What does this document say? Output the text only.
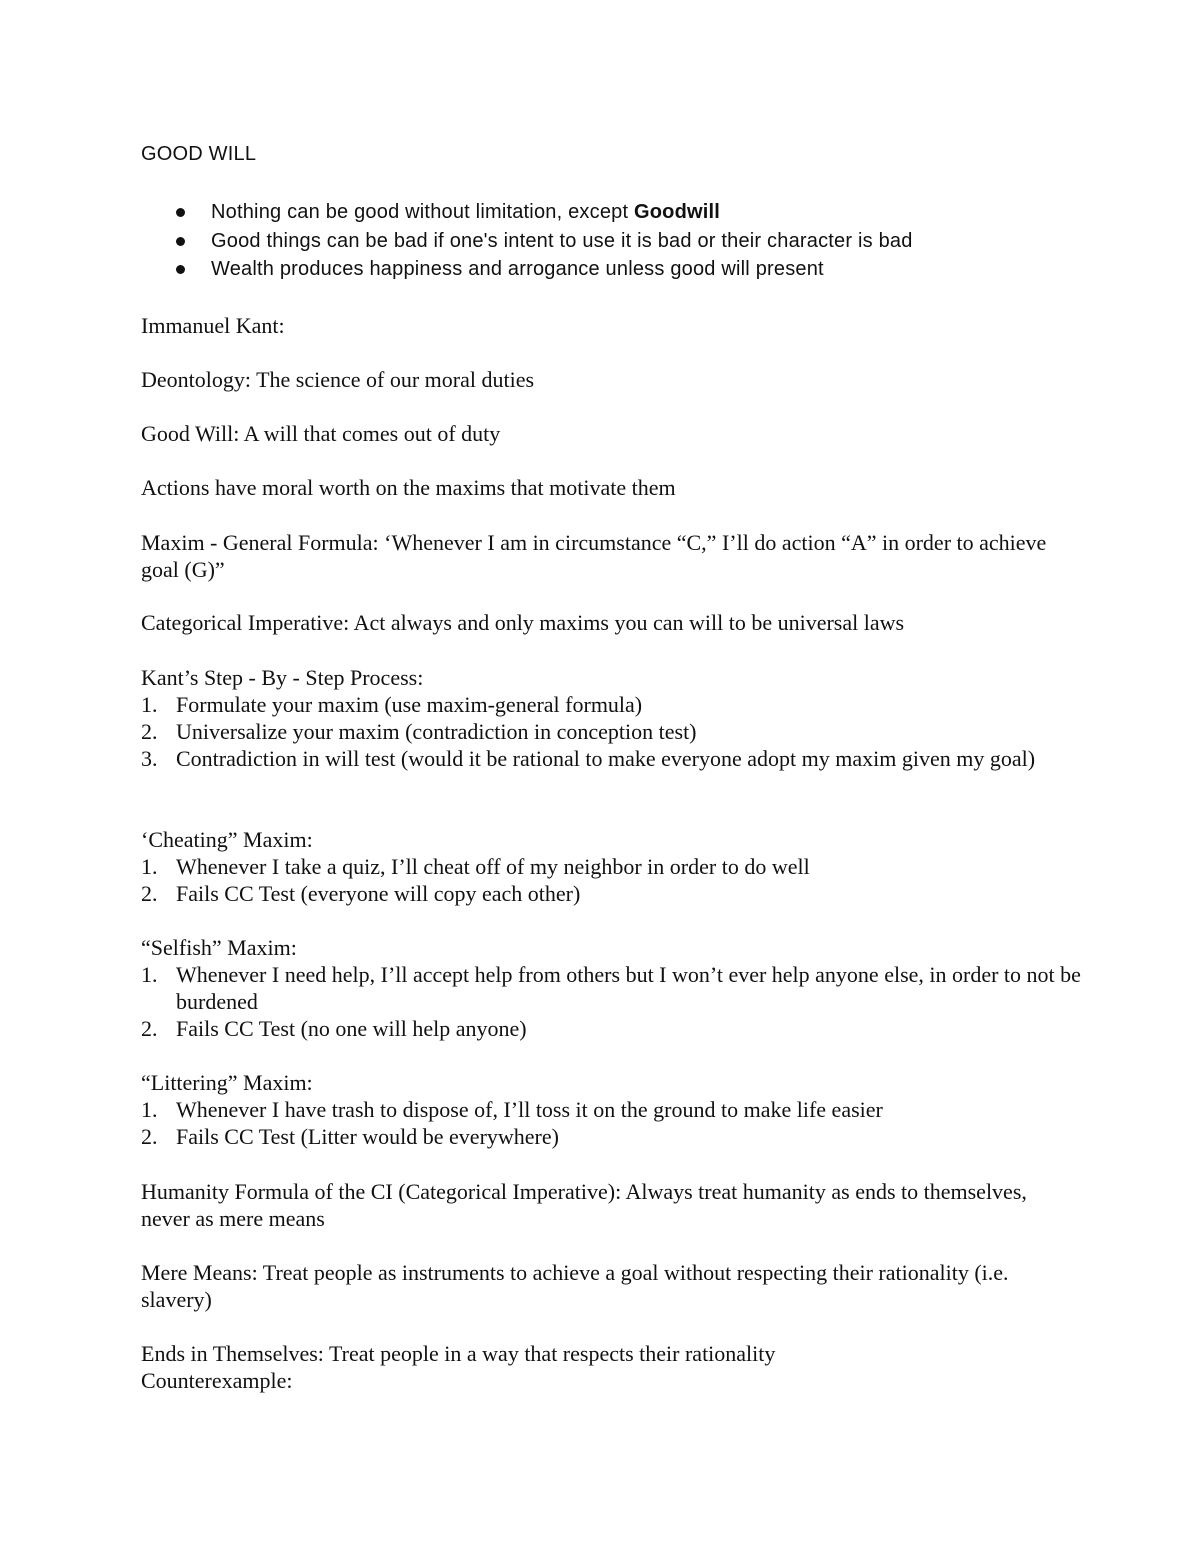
GOOD WILL
Nothing can be good without limitation, except Goodwill
Good things can be bad if one's intent to use it is bad or their character is bad
Wealth produces happiness and arrogance unless good will present
Immanuel Kant:
Deontology: The science of our moral duties
Good Will: A will that comes out of duty
Actions have moral worth on the maxims that motivate them
Maxim - General Formula: ‘Whenever I am in circumstance “C,” I’ll do action “A” in order to achieve goal (G)”
Categorical Imperative: Act always and only maxims you can will to be universal laws
Kant’s Step - By - Step Process:
1. Formulate your maxim (use maxim-general formula)
2. Universalize your maxim (contradiction in conception test)
3. Contradiction in will test (would it be rational to make everyone adopt my maxim given my goal)
‘Cheating” Maxim:
1. Whenever I take a quiz, I’ll cheat off of my neighbor in order to do well
2. Fails CC Test (everyone will copy each other)
“Selfish” Maxim:
1. Whenever I need help, I’ll accept help from others but I won’t ever help anyone else, in order to not be burdened
2. Fails CC Test (no one will help anyone)
“Littering” Maxim:
1. Whenever I have trash to dispose of, I’ll toss it on the ground to make life easier
2. Fails CC Test (Litter would be everywhere)
Humanity Formula of the CI (Categorical Imperative): Always treat humanity as ends to themselves, never as mere means
Mere Means: Treat people as instruments to achieve a goal without respecting their rationality (i.e. slavery)
Ends in Themselves: Treat people in a way that respects their rationality
Counterexample:
